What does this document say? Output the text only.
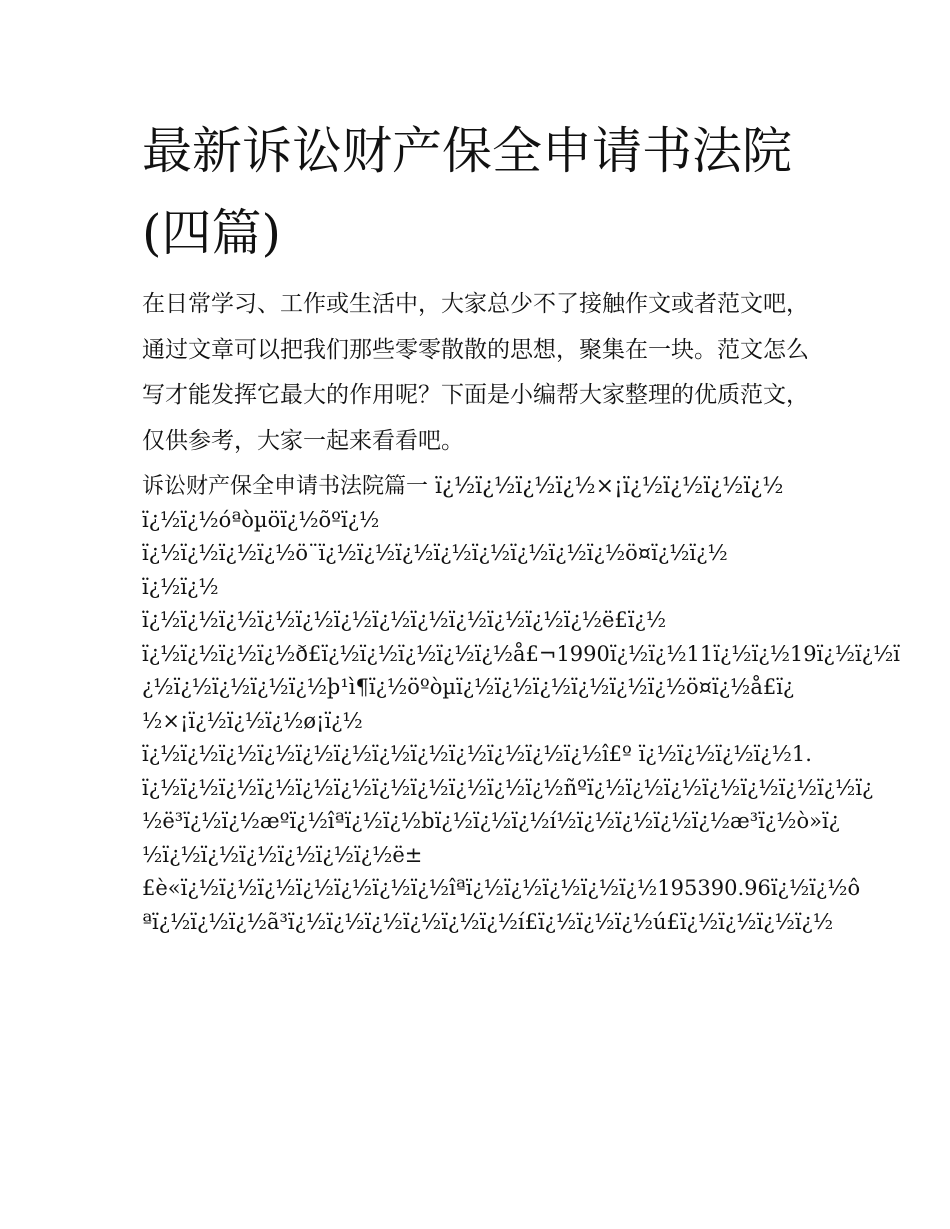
最新诉讼财产保全申请书法院(四篇)

在日常学习、工作或生活中，大家总少不了接触作文或者范文吧，通过文章可以把我们那些零零散散的思想，聚集在一块。范文怎么写才能发挥它最大的作用呢？下面是小编帮大家整理的优质范文，仅供参考，大家一起来看看吧。

诉讼财产保全申请书法院篇一 ï¿½ï¿½ï¿½ï¿½×¡ï¿½ï¿½ï¿½ï¿½
ï¿½ï¿½óªòµöï¿½õºï¿½
ï¿½ï¿½ï¿½ï¿½ö¨ï¿½ï¿½ï¿½ï¿½ï¿½ï¿½ï¿½ï¿½ö¤ï¿½ï¿½
ï¿½ï¿½
ï¿½ï¿½ï¿½ï¿½ï¿½ï¿½ï¿½ï¿½ï¿½ï¿½ï¿½ï¿½ë£ï¿½
ï¿½ï¿½ï¿½ï¿½ð£ï¿½ï¿½ï¿½ï¿½ï¿½å£¬1990ï¿½ï¿½11ï¿½ï¿½19ï¿½ï¿½ï
¿½ï¿½ï¿½ï¿½ï¿½þ¹ì¶ï¿½öºòµï¿½ï¿½ï¿½ï¿½ï¿½ï¿½ö¤ï¿½å£ï¿
½×¡ï¿½ï¿½ï¿½ø¡ï¿½
ï¿½ï¿½ï¿½ï¿½ï¿½ï¿½ï¿½ï¿½ï¿½ï¿½ï¿½ï¿½î£º ï¿½ï¿½ï¿½ï¿½1.
ï¿½ï¿½ï¿½ï¿½ï¿½ï¿½ï¿½ï¿½ï¿½ï¿½ï¿½ñºï¿½ï¿½ï¿½ï¿½ï¿½ï¿½ï¿½ï¿
½ë³ï¿½ï¿½æºï¿½îªï¿½ï¿½bï¿½ï¿½ï¿½í½ï¿½ï¿½ï¿½ï¿½æ³ï¿½ò»ï¿
½ï¿½ï¿½ï¿½ï¿½ï¿½ï¿½ë±
£è«ï¿½ï¿½ï¿½ï¿½ï¿½ï¿½ï¿½îªï¿½ï¿½ï¿½ï¿½ï¿½195390.96ï¿½ï¿½ô
ªï¿½ï¿½ï¿½ã³ï¿½ï¿½ï¿½ï¿½ï¿½ï¿½í£ï¿½ï¿½ï¿½ú£ï¿½ï¿½ï¿½ï¿½
